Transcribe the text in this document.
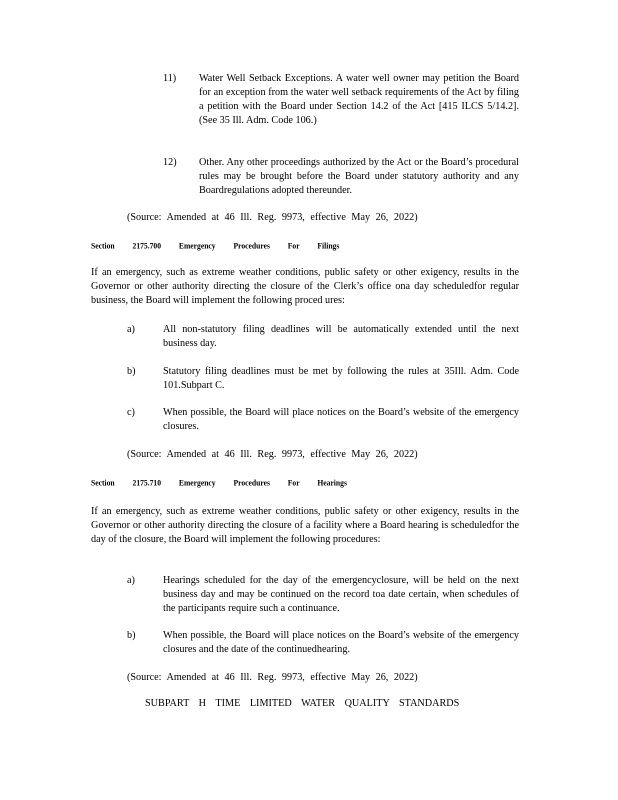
11) Water Well Setback Exceptions. A water well owner may petition the Board for an exception from the water well setback requirements of the Act by filing a petition with the Board under Section 14.2 of the Act [415 ILCS 5/14.2]. (See 35 Ill. Adm. Code 106.)
12) Other. Any other proceedings authorized by the Act or the Board’s procedural rules may be brought before the Board under statutory authority and any Boardregulations adopted thereunder.
(Source: Amended at 46 Ill. Reg. 9973, effective May 26, 2022)
Section 2175.700 Emergency Procedures For Filings
If an emergency, such as extreme weather conditions, public safety or other exigency, results in the Governor or other authority directing the closure of the Clerk’s office ona day scheduledfor regular business, the Board will implement the following proced ures:
a)	All non-statutory filing deadlines will be automatically extended until the next business day.
b)	Statutory filing deadlines must be met by following the rules at 35Ill. Adm. Code 101.Subpart C.
c)	When possible, the Board will place notices on the Board’s website of the emergency closures.
(Source: Amended at 46 Ill. Reg. 9973, effective May 26, 2022)
Section 2175.710 Emergency Procedures For Hearings
If an emergency, such as extreme weather conditions, public safety or other exigency, results in the Governor or other authority directing the closure of a facility where a Board hearing is scheduledfor the day of the closure, the Board will implement the following procedures:
a)	Hearings scheduled for the day of the emergencyclosure, will be held on the next business day and may be continued on the record toa date certain, when schedules of the participants require such a continuance.
b)	When possible, the Board will place notices on the Board’s website of the emergency closures and the date of the continuedhearing.
(Source: Amended at 46 Ill. Reg. 9973, effective May 26, 2022)
SUBPART H TIME LIMITED WATER QUALITY STANDARDS
